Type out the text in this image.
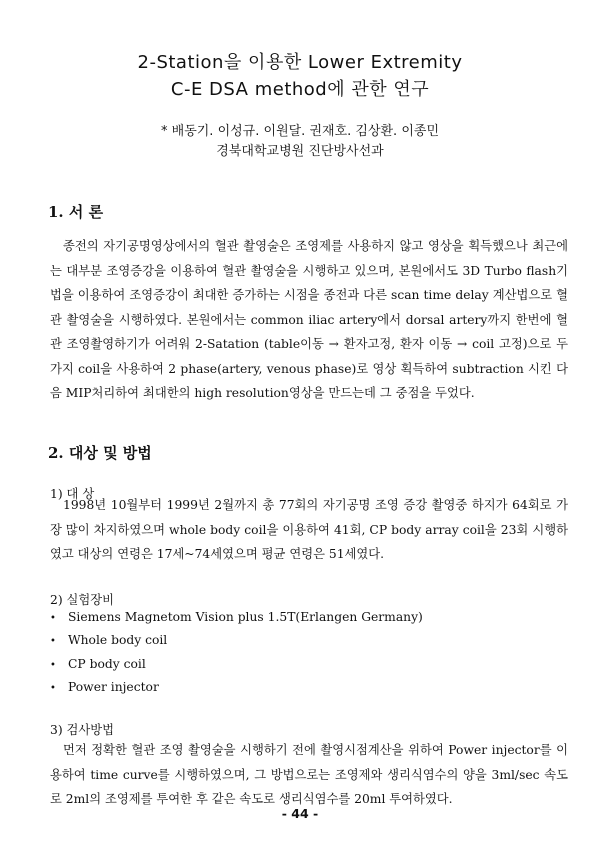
2-Station을 이용한 Lower Extremity
C-E DSA method에 관한 연구

* 배동기. 이성규. 이원달. 권재호. 김상환. 이종민

경북대학교병원 진단방사선과

1. 서 론

종전의 자기공명영상에서의 혈관 촬영술은 조영제를 사용하지 않고 영상을 획득했으나 최근에는 대부분 조영증강을 이용하여 혈관 촬영술을 시행하고 있으며, 본원에서도 3D Turbo flash기법을 이용하여 조영증강이 최대한 증가하는 시점을 종전과 다른 scan time delay 계산법으로 혈관 촬영술을 시행하였다. 본원에서는 common iliac artery에서 dorsal artery까지 한번에 혈관 조영촬영하기가 어려워 2-Satation (table이동 → 환자고정, 환자 이동 → coil 고정)으로 두 가지 coil을 사용하여 2 phase(artery, venous phase)로 영상 획득하여 subtraction 시킨 다음 MIP처리하여 최대한의 high resolution영상을 만드는데 그 중점을 두었다.

2. 대상 및 방법

1) 대 상

1998년 10월부터 1999년 2월까지 총 77회의 자기공명 조영 증강 촬영중 하지가 64회로 가장 많이 차지하였으며 whole body coil을 이용하여 41회, CP body array coil을 23회 시행하였고 대상의 연령은 17세~74세였으며 평균 연령은 51세였다.

2) 실험장비

• Siemens Magnetom Vision plus 1.5T(Erlangen Germany)
• Whole body coil
• CP body coil
• Power injector

3) 검사방법

먼저 정확한 혈관 조영 촬영술을 시행하기 전에 촬영시점계산을 위하여 Power injector를 이용하여 time curve를 시행하였으며, 그 방법으로는 조영제와 생리식염수의 양을 3ml/sec 속도로 2ml의 조영제를 투여한 후 같은 속도로 생리식염수를 20ml 투여하였다.

- 44 -
